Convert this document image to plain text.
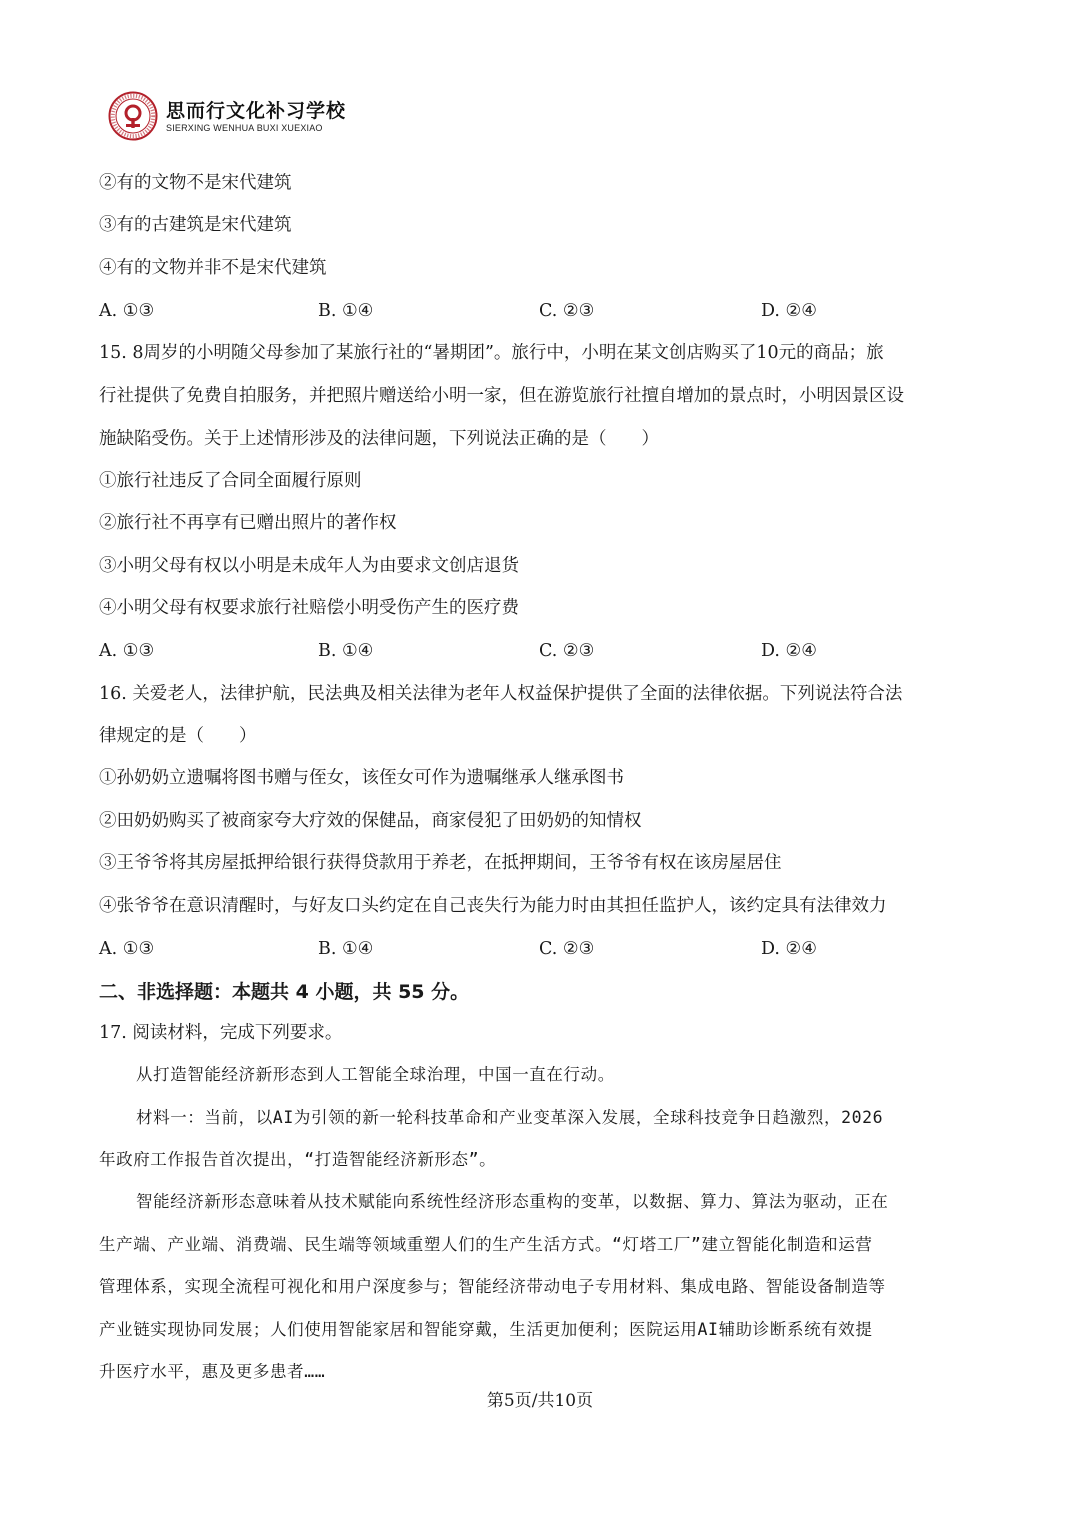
思而行文化补习学校
SIERXING WENHUA BUXI XUEXIAO
②有的文物不是宋代建筑
③有的古建筑是宋代建筑
④有的文物并非不是宋代建筑
A. ①③	B. ①④	C. ②③	D. ②④
15. 8周岁的小明随父母参加了某旅行社的“暑期团”。旅行中，小明在某文创店购买了10元的商品；旅
行社提供了免费自拍服务，并把照片赠送给小明一家，但在游览旅行社擅自增加的景点时，小明因景区设
施缺陷受伤。关于上述情形涉及的法律问题，下列说法正确的是（　　）
①旅行社违反了合同全面履行原则
②旅行社不再享有已赠出照片的著作权
③小明父母有权以小明是未成年人为由要求文创店退货
④小明父母有权要求旅行社赔偿小明受伤产生的医疗费
A. ①③	B. ①④	C. ②③	D. ②④
16. 关爱老人，法律护航，民法典及相关法律为老年人权益保护提供了全面的法律依据。下列说法符合法
律规定的是（　　）
①孙奶奶立遗嘱将图书赠与侄女，该侄女可作为遗嘱继承人继承图书
②田奶奶购买了被商家夸大疗效的保健品，商家侵犯了田奶奶的知情权
③王爷爷将其房屋抵押给银行获得贷款用于养老，在抵押期间，王爷爷有权在该房屋居住
④张爷爷在意识清醒时，与好友口头约定在自己丧失行为能力时由其担任监护人，该约定具有法律效力
A. ①③	B. ①④	C. ②③	D. ②④
二、非选择题：本题共 4 小题，共 55 分。
17. 阅读材料，完成下列要求。
从打造智能经济新形态到人工智能全球治理，中国一直在行动。
材料一：当前，以AI为引领的新一轮科技革命和产业变革深入发展，全球科技竞争日趋激烈，2026
年政府工作报告首次提出，“打造智能经济新形态”。
智能经济新形态意味着从技术赋能向系统性经济形态重构的变革，以数据、算力、算法为驱动，正在
生产端、产业端、消费端、民生端等领域重塑人们的生产生活方式。“灯塔工厂”建立智能化制造和运营
管理体系，实现全流程可视化和用户深度参与；智能经济带动电子专用材料、集成电路、智能设备制造等
产业链实现协同发展；人们使用智能家居和智能穿戴，生活更加便利；医院运用AI辅助诊断系统有效提
升医疗水平，惠及更多患者……
第5页/共10页
